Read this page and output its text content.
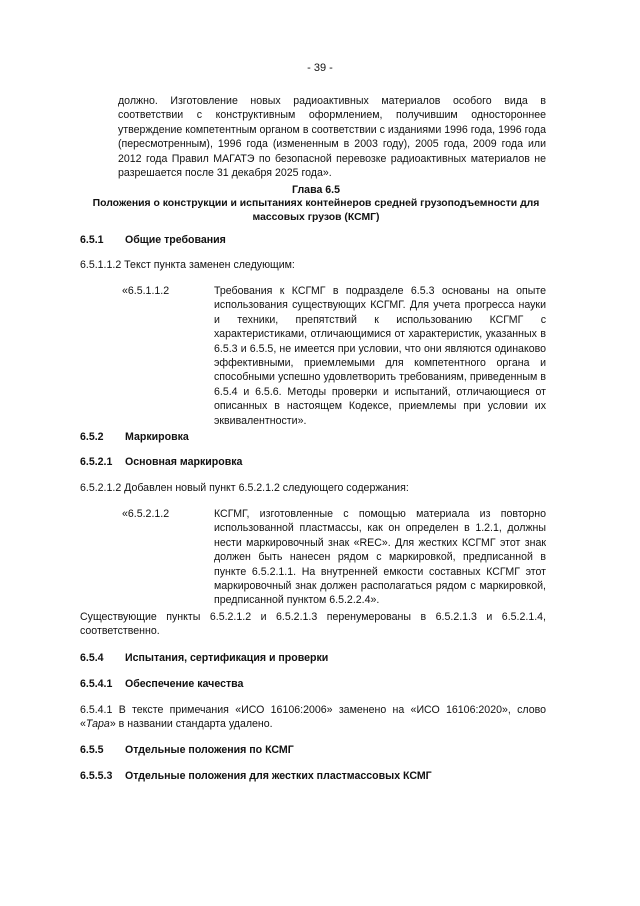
- 39 -
должно. Изготовление новых радиоактивных материалов особого вида в соответствии с конструктивным оформлением, получившим одностороннее утверждение компетентным органом в соответствии с изданиями 1996 года, 1996 года (пересмотренным), 1996 года (измененным в 2003 году), 2005 года, 2009 года или 2012 года Правил МАГАТЭ по безопасной перевозке радиоактивных материалов не разрешается после 31 декабря 2025 года».
Глава 6.5
Положения о конструкции и испытаниях контейнеров средней грузоподъемности для массовых грузов (КСМГ)
6.5.1 Общие требования
6.5.1.1.2 Текст пункта заменен следующим:
«6.5.1.1.2	Требования к КСГМГ в подразделе 6.5.3 основаны на опыте использования существующих КСГМГ. Для учета прогресса науки и техники, препятствий к использованию КСГМГ с характеристиками, отличающимися от характеристик, указанных в 6.5.3 и 6.5.5, не имеется при условии, что они являются одинаково эффективными, приемлемыми для компетентного органа и способными успешно удовлетворить требованиям, приведенным в 6.5.4 и 6.5.6. Методы проверки и испытаний, отличающиеся от описанных в настоящем Кодексе, приемлемы при условии их эквивалентности».
6.5.2 Маркировка
6.5.2.1 Основная маркировка
6.5.2.1.2 Добавлен новый пункт 6.5.2.1.2 следующего содержания:
«6.5.2.1.2	КСГМГ, изготовленные с помощью материала из повторно использованной пластмассы, как он определен в 1.2.1, должны нести маркировочный знак «REC». Для жестких КСГМГ этот знак должен быть нанесен рядом с маркировкой, предписанной в пункте 6.5.2.1.1. На внутренней емкости составных КСГМГ этот маркировочный знак должен располагаться рядом с маркировкой, предписанной пунктом 6.5.2.2.4».
Существующие пункты 6.5.2.1.2 и 6.5.2.1.3 перенумерованы в 6.5.2.1.3 и 6.5.2.1.4, соответственно.
6.5.4 Испытания, сертификация и проверки
6.5.4.1 Обеспечение качества
6.5.4.1 В тексте примечания «ИСО 16106:2006» заменено на «ИСО 16106:2020», слово «Тара» в названии стандарта удалено.
6.5.5 Отдельные положения по КСМГ
6.5.5.3 Отдельные положения для жестких пластмассовых КСМГ
